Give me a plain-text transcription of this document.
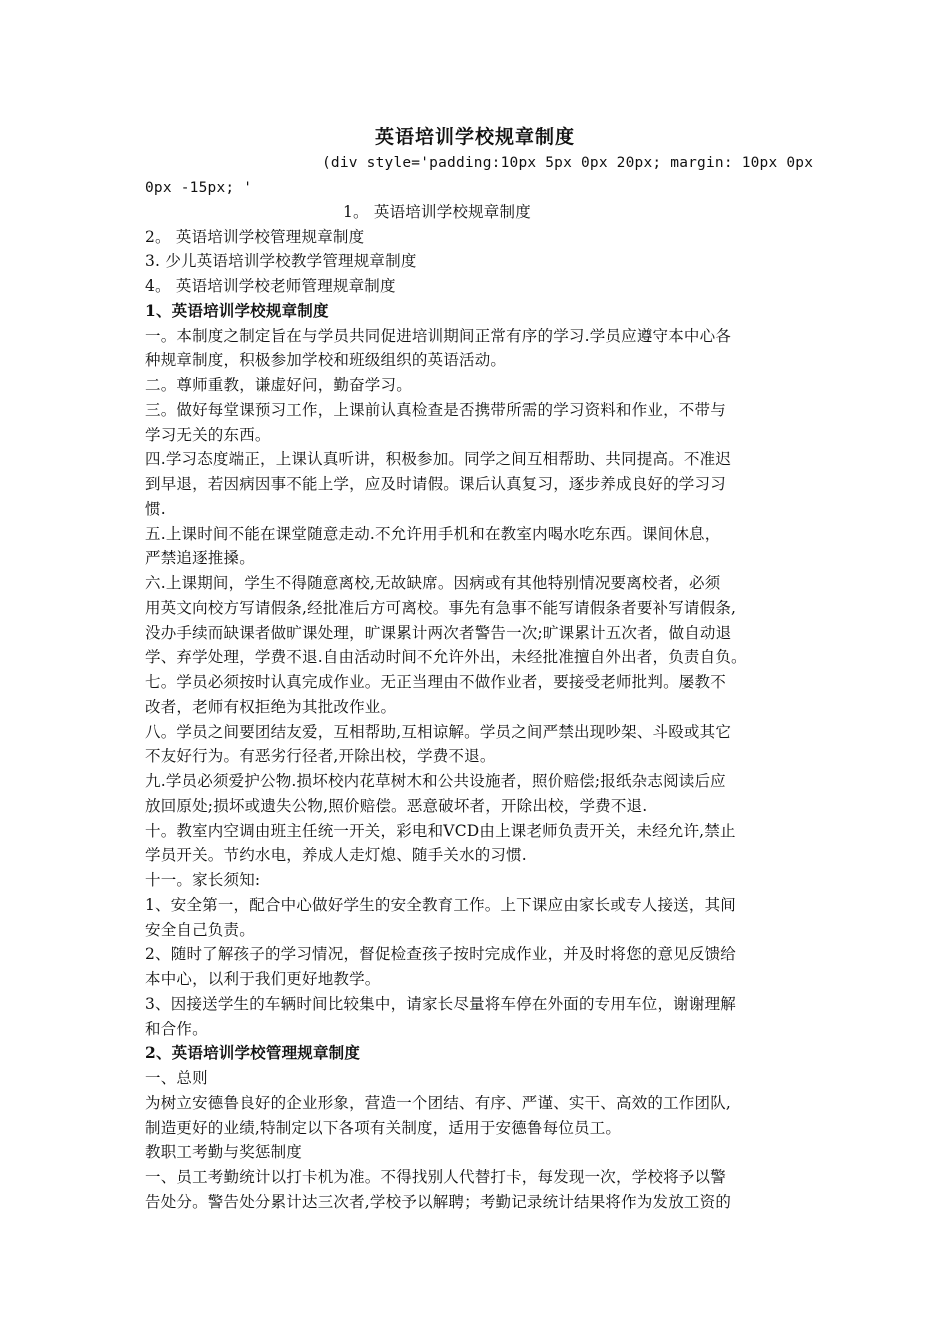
英语培训学校规章制度
(div style='padding:10px 5px 0px 20px; margin: 10px 0px
0px -15px; '
1。 英语培训学校规章制度
2。 英语培训学校管理规章制度
3. 少儿英语培训学校教学管理规章制度
4。 英语培训学校老师管理规章制度
1、英语培训学校规章制度
一。本制度之制定旨在与学员共同促进培训期间正常有序的学习.学员应遵守本中心各
种规章制度，积极参加学校和班级组织的英语活动。
二。尊师重教，谦虚好问，勤奋学习。
三。做好每堂课预习工作，上课前认真检查是否携带所需的学习资料和作业，不带与
学习无关的东西。
四.学习态度端正，上课认真听讲，积极参加。同学之间互相帮助、共同提高。不准迟
到早退，若因病因事不能上学，应及时请假。课后认真复习，逐步养成良好的学习习
惯.
五.上课时间不能在课堂随意走动.不允许用手机和在教室内喝水吃东西。课间休息，
严禁追逐推搡。
六.上课期间，学生不得随意离校,无故缺席。因病或有其他特别情况要离校者，必须
用英文向校方写请假条,经批准后方可离校。事先有急事不能写请假条者要补写请假条,
没办手续而缺课者做旷课处理，旷课累计两次者警告一次;旷课累计五次者，做自动退
学、弃学处理，学费不退.自由活动时间不允许外出，未经批准擅自外出者，负责自负。
七。学员必须按时认真完成作业。无正当理由不做作业者，要接受老师批判。屡教不
改者，老师有权拒绝为其批改作业。
八。学员之间要团结友爱，互相帮助,互相谅解。学员之间严禁出现吵架、斗殴或其它
不友好行为。有恶劣行径者,开除出校，学费不退。
九.学员必须爱护公物.损坏校内花草树木和公共设施者，照价赔偿;报纸杂志阅读后应
放回原处;损坏或遗失公物,照价赔偿。恶意破坏者，开除出校，学费不退.
十。教室内空调由班主任统一开关，彩电和VCD由上课老师负责开关，未经允许,禁止
学员开关。节约水电，养成人走灯熄、随手关水的习惯.
十一。家长须知:
1、安全第一，配合中心做好学生的安全教育工作。上下课应由家长或专人接送，其间
安全自己负责。
2、随时了解孩子的学习情况，督促检查孩子按时完成作业，并及时将您的意见反馈给
本中心，以利于我们更好地教学。
3、因接送学生的车辆时间比较集中，请家长尽量将车停在外面的专用车位，谢谢理解
和合作。
2、英语培训学校管理规章制度
一、总则
为树立安德鲁良好的企业形象，营造一个团结、有序、严谨、实干、高效的工作团队,
制造更好的业绩,特制定以下各项有关制度，适用于安德鲁每位员工。
教职工考勤与奖惩制度
一、员工考勤统计以打卡机为准。不得找别人代替打卡，每发现一次，学校将予以警
告处分。警告处分累计达三次者,学校予以解聘；考勤记录统计结果将作为发放工资的
